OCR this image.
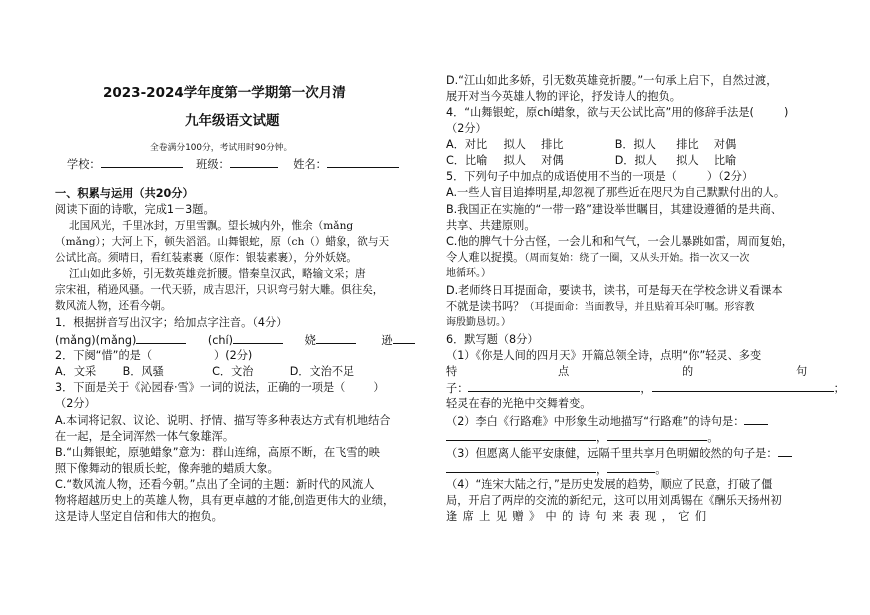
2023-2024学年度第一学期第一次月清
九年级语文试题
全卷满分100分，考试用时90分钟。
学校：	班级：	姓名：
一、积累与运用（共20分）
阅读下面的诗歌，完成1－3题。
北国风光，千里冰封，万里雪飘。望长城内外，惟余（mǎng
（mǎng）；大河上下，顿失滔滔。山舞银蛇，原（ch（）蜡象，欲与天
公试比高。须晴日，看红装素裹（原作：银装素裹），分外妖娆。
江山如此多娇，引无数英雄竞折腰。惜秦皇汉武，略输文采；唐
宗宋祖，稍逊风骚。一代天骄，成吉思汗，只识弯弓射大雕。俱往矣，
数风流人物，还看今朝。
1．根据拼音写出汉字；给加点字注音。（4分）
(mǎng)(mǎng)	(chí)	娆	逊
2．下阕“惜”的是（	）(2分)
A．文采 B．风骚	C．文治	D．文治不足
3．下面是关于《沁园春·雪》一词的说法，正确的一项是（	）
（2分）
A.本词将记叙、议论、说明、抒情、描写等多种表达方式有机地结合
在一起，是全词浑然一体气象雄浑。
B.“山舞银蛇，原驰蜡象”意为：群山连绵，高原不断，在飞雪的映
照下像舞动的银质长蛇，像奔驰的蜡质大象。
C.“数风流人物，还看今朝。”点出了全词的主题：新时代的风流人
物将超越历史上的英雄人物，具有更卓越的才能,创造更伟大的业绩，
这是诗人坚定自信和伟大的抱负。
D.“江山如此多娇，引无数英雄竞折腰。”一句承上启下，自然过渡，
展开对当今英雄人物的评论，抒发诗人的抱负。
4．“山舞银蛇，原chí蜡象，欲与天公试比高”用的修辞手法是(	)
（2分）
A．对比 拟人 排比	B．拟人 排比 对偶
C．比喻 拟人 对偶	D．拟人 拟人 比喻
5．下列句子中加点的成语使用不当的一项是（	）（2分）
A.一些人盲目追捧明星,却忽视了那些近在咫尺为自己默默付出的人。
B.我国正在实施的“一带一路”建设举世瞩目，其建设遵循的是共商、
共享、共建原则。
C.他的脾气十分古怪，一会儿和和气气，一会儿暴跳如雷，周而复始，
令人难以捉摸。（周而复始：绕了一圈，又从头开始。指一次又一次
地循环。）
D.老师终日耳提面命，要读书，读书，可是每天在学校念讲义看课本
不就是读书吗？（耳提面命：当面教导，并且贴着耳朵叮嘱。形容教
诲殷勤恳切。）
6．默写题（8分）
（1）《你是人间的四月天》开篇总领全诗，点明“你”轻灵、多变
特	点	的	句
子：	，	；
轻灵在春的光艳中交舞着变。
（2）李白《行路难》中形象生动地描写“行路难”的诗句是：
，	。
（3）但愿离人能平安康健，远隔千里共享月色明媚皎然的句子是：
，	。
（4）“连宋大陆之行，”是历史发展的趋势，顺应了民意，打破了僵
局，开启了两岸的交流的新纪元，这可以用刘禹锡在《酬乐天扬州初
逢席上见赠》中的诗句来表现，它们
